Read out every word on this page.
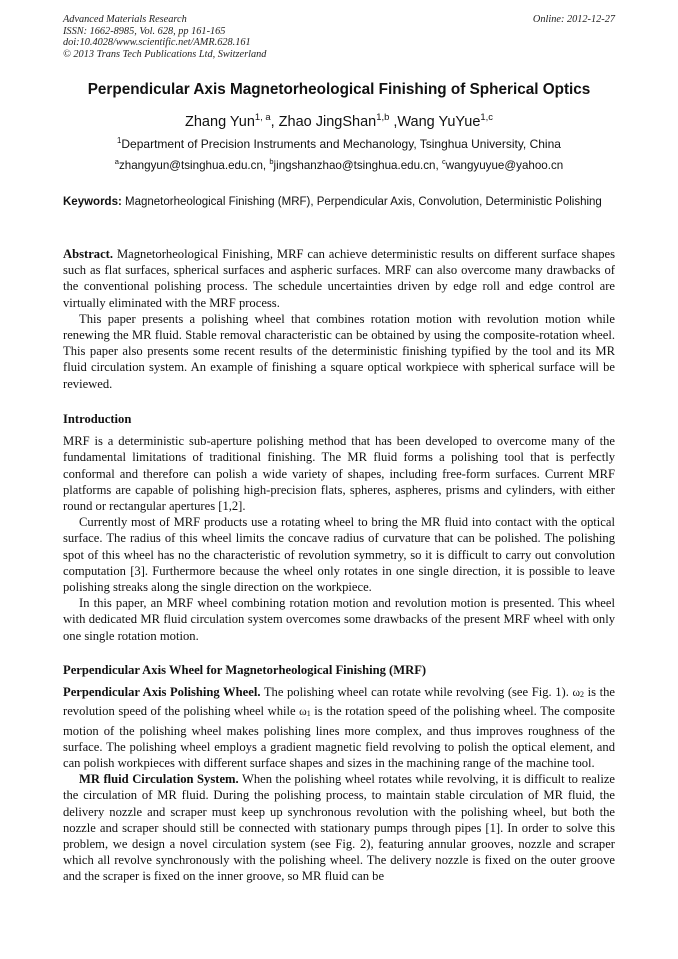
Advanced Materials Research
ISSN: 1662-8985, Vol. 628, pp 161-165
doi:10.4028/www.scientific.net/AMR.628.161
© 2013 Trans Tech Publications Ltd, Switzerland
Online: 2012-12-27
Perpendicular Axis Magnetorheological Finishing of Spherical Optics
Zhang Yun$^{1, a}$, Zhao JingShan$^{1,b}$ ,Wang YuYue$^{1,c}$
$^1$Department of Precision Instruments and Mechanology, Tsinghua University, China
$^a$zhangyun@tsinghua.edu.cn, $^b$jingshanzhao@tsinghua.edu.cn, $^c$wangyuyue@yahoo.cn
Keywords: Magnetorheological Finishing (MRF), Perpendicular Axis, Convolution, Deterministic Polishing

Abstract. Magnetorheological Finishing, MRF can achieve deterministic results on different surface shapes such as flat surfaces, spherical surfaces and aspheric surfaces. MRF can also overcome many drawbacks of the conventional polishing process. The schedule uncertainties driven by edge roll and edge control are virtually eliminated with the MRF process.

This paper presents a polishing wheel that combines rotation motion with revolution motion while renewing the MR fluid. Stable removal characteristic can be obtained by using the composite-rotation wheel. This paper also presents some recent results of the deterministic finishing typified by the tool and its MR fluid circulation system. An example of finishing a square optical workpiece with spherical surface will be reviewed.

Introduction

MRF is a deterministic sub-aperture polishing method that has been developed to overcome many of the fundamental limitations of traditional finishing. The MR fluid forms a polishing tool that is perfectly conformal and therefore can polish a wide variety of shapes, including free-form surfaces. Current MRF platforms are capable of polishing high-precision flats, spheres, aspheres, prisms and cylinders, with either round or rectangular apertures [1,2].

Currently most of MRF products use a rotating wheel to bring the MR fluid into contact with the optical surface. The radius of this wheel limits the concave radius of curvature that can be polished. The polishing spot of this wheel has no the characteristic of revolution symmetry, so it is difficult to carry out convolution computation [3]. Furthermore because the wheel only rotates in one single direction, it is possible to leave polishing streaks along the single direction on the workpiece.

In this paper, an MRF wheel combining rotation motion and revolution motion is presented. This wheel with dedicated MR fluid circulation system overcomes some drawbacks of the present MRF wheel with only one single rotation motion.

Perpendicular Axis Wheel for Magnetorheological Finishing (MRF)

Perpendicular Axis Polishing Wheel. The polishing wheel can rotate while revolving (see Fig. 1). ω2 is the revolution speed of the polishing wheel while ω1 is the rotation speed of the polishing wheel. The composite motion of the polishing wheel makes polishing lines more complex, and thus improves roughness of the surface. The polishing wheel employs a gradient magnetic field revolving to polish the optical element, and can polish workpieces with different surface shapes and sizes in the machining range of the machine tool.

MR fluid Circulation System. When the polishing wheel rotates while revolving, it is difficult to realize the circulation of MR fluid. During the polishing process, to maintain stable circulation of MR fluid, the delivery nozzle and scraper must keep up synchronous revolution with the polishing wheel, but both the nozzle and scraper should still be connected with stationary pumps through pipes [1]. In order to solve this problem, we design a novel circulation system (see Fig. 2), featuring annular grooves, nozzle and scraper which all revolve synchronously with the polishing wheel. The delivery nozzle is fixed on the outer groove and the scraper is fixed on the inner groove, so MR fluid can be
